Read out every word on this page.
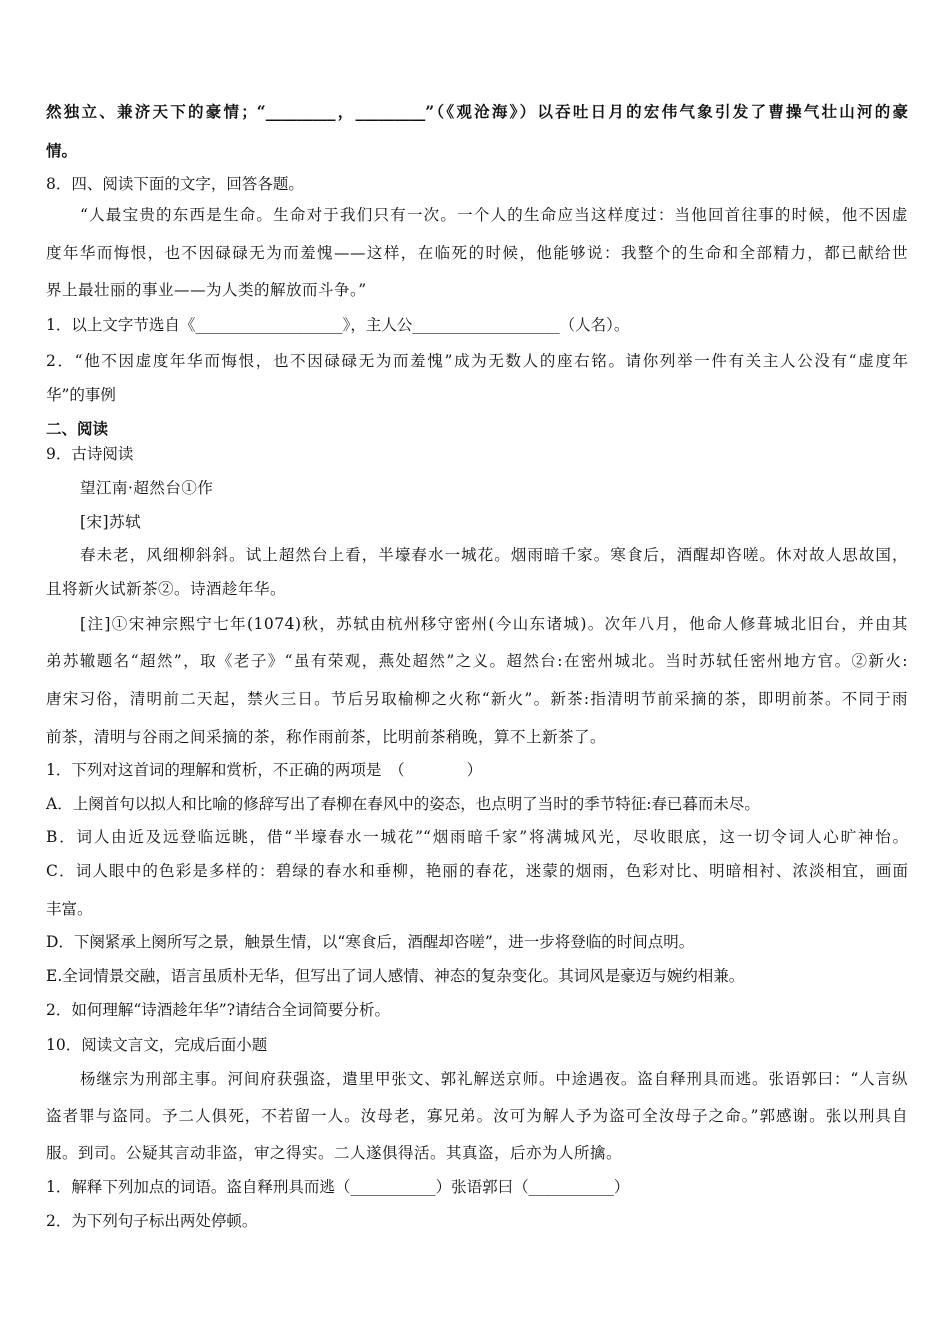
然独立、兼济天下的豪情；“_________，_________”（《观沧海》）以吞吐日月的宏伟气象引发了曹操气壮山河的豪
情。
8．四、阅读下面的文字，回答各题。
“人最宝贵的东西是生命。生命对于我们只有一次。一个人的生命应当这样度过：当他回首往事的时候，他不因虚
度年华而悔恨，也不因碌碌无为而羞愧——这样，在临死的时候，他能够说：我整个的生命和全部精力，都已献给世
界上最壮丽的事业——为人类的解放而斗争。”
1．以上文字节选自《___________________》，主人公___________________（人名）。
2．“他不因虚度年华而悔恨，也不因碌碌无为而羞愧”成为无数人的座右铭。请你列举一件有关主人公没有“虚度年
华”的事例
二、阅读
9．古诗阅读
望江南·超然台①作
[宋]苏轼
春未老，风细柳斜斜。试上超然台上看，半壕春水一城花。烟雨暗千家。寒食后，酒醒却咨嗟。休对故人思故国，
且将新火试新茶②。诗酒趁年华。
[注]①宋神宗熙宁七年(1074)秋，苏轼由杭州移守密州(今山东诸城)。次年八月，他命人修葺城北旧台，并由其
弟苏辙题名“超然”，取《老子》“虽有荣观，燕处超然”之义。超然台:在密州城北。当时苏轼任密州地方官。②新火:
唐宋习俗，清明前二天起，禁火三日。节后另取榆柳之火称“新火”。新茶:指清明节前采摘的茶，即明前茶。不同于雨
前茶，清明与谷雨之间采摘的茶，称作雨前茶，比明前茶稍晚，算不上新茶了。
1．下列对这首词的理解和赏析，不正确的两项是　（　　　　）
A．上阕首句以拟人和比喻的修辞写出了春柳在春风中的姿态，也点明了当时的季节特征:春已暮而未尽。
B．词人由近及远登临远眺，借“半壕春水一城花”“烟雨暗千家”将满城风光，尽收眼底，这一切令词人心旷神怡。
C．词人眼中的色彩是多样的：碧绿的春水和垂柳，艳丽的春花，迷蒙的烟雨，色彩对比、明暗相衬、浓淡相宜，画面
丰富。
D．下阕紧承上阕所写之景，触景生情，以“寒食后，酒醒却咨嗟”，进一步将登临的时间点明。
E.全词情景交融，语言虽质朴无华，但写出了词人感情、神态的复杂变化。其词风是豪迈与婉约相兼。
2．如何理解“诗酒趁年华”?请结合全词简要分析。
10．阅读文言文，完成后面小题
杨继宗为刑部主事。河间府获强盗，遣里甲张文、郭礼解送京师。中途遇夜。盗自释刑具而逃。张语郭曰：“人言纵
盗者罪与盗同。予二人俱死，不若留一人。汝母老，寡兄弟。汝可为解人予为盗可全汝母子之命。”郭感谢。张以刑具自
服。到司。公疑其言动非盗，审之得实。二人遂俱得活。其真盗，后亦为人所擒。
1．解释下列加点的词语。盗自释刑具而逃（___________）张语郭曰（___________）
2．为下列句子标出两处停顿。
